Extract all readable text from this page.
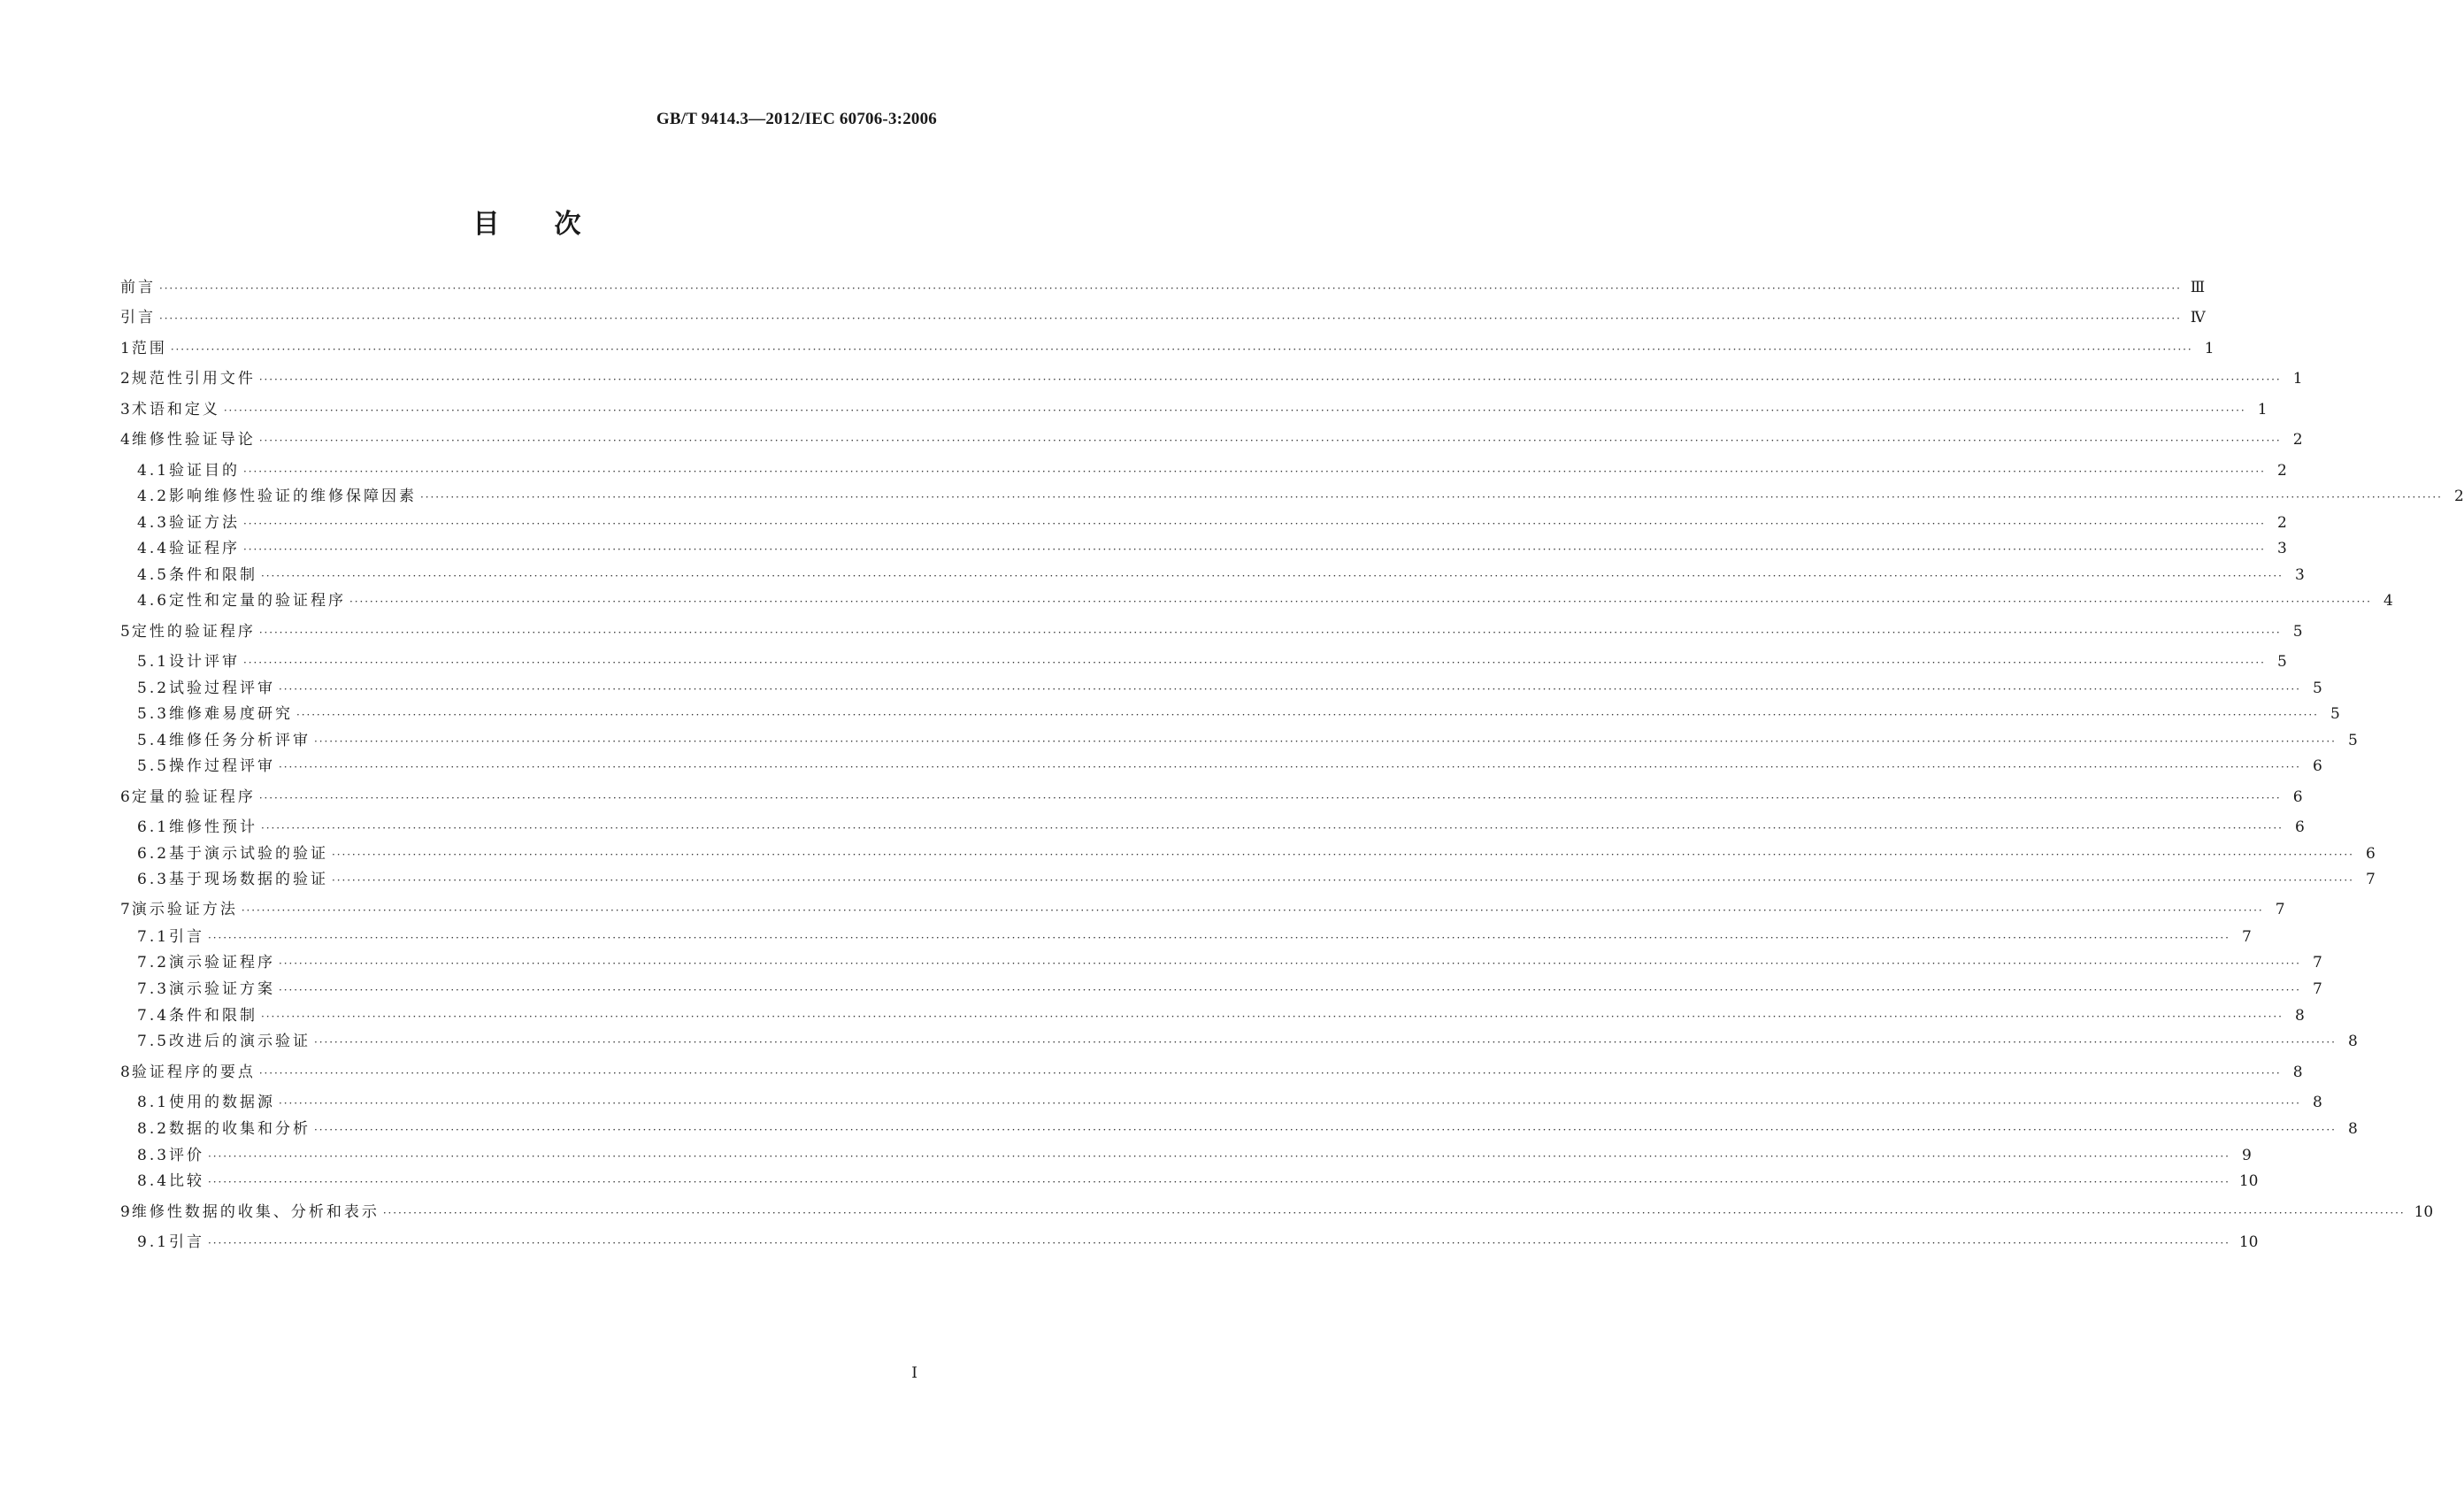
GB/T 9414.3—2012/IEC 60706-3:2006
目次
前言 ················································································································································································································································································································································································································ Ⅲ
引言 ················································································································································································································································································································································································································ Ⅳ
1 范围 ················································································································································································································································································································································································································ 1
2 规范性引用文件 ················································································································································································································································································································································································································ 1
3 术语和定义 ················································································································································································································································································································································································································ 1
4 维修性验证导论 ················································································································································································································································································································································································································ 2
4.1 验证目的 ················································································································································································································································································································································································································ 2
4.2 影响维修性验证的维修保障因素 ················································································································································································································································································································································································································ 2
4.3 验证方法 ················································································································································································································································································································································································································ 2
4.4 验证程序 ················································································································································································································································································································································································································ 3
4.5 条件和限制 ················································································································································································································································································································································································································ 3
4.6 定性和定量的验证程序 ················································································································································································································································································································································································································ 4
5 定性的验证程序 ················································································································································································································································································································································································································ 5
5.1 设计评审 ················································································································································································································································································································································································································ 5
5.2 试验过程评审 ················································································································································································································································································································································································································ 5
5.3 维修难易度研究 ················································································································································································································································································································································································································ 5
5.4 维修任务分析评审 ················································································································································································································································································································································································································ 5
5.5 操作过程评审 ················································································································································································································································································································································································································ 6
6 定量的验证程序 ················································································································································································································································································································································································································ 6
6.1 维修性预计 ················································································································································································································································································································································································································ 6
6.2 基于演示试验的验证 ················································································································································································································································································································································································································ 6
6.3 基于现场数据的验证 ················································································································································································································································································································································································································ 7
7 演示验证方法 ················································································································································································································································································································································································································ 7
7.1 引言 ················································································································································································································································································································································································································ 7
7.2 演示验证程序 ················································································································································································································································································································································································································ 7
7.3 演示验证方案 ················································································································································································································································································································································································································ 7
7.4 条件和限制 ················································································································································································································································································································································································································ 8
7.5 改进后的演示验证 ················································································································································································································································································································································································································ 8
8 验证程序的要点 ················································································································································································································································································································································································································ 8
8.1 使用的数据源 ················································································································································································································································································································································································································ 8
8.2 数据的收集和分析 ················································································································································································································································································································································································································ 8
8.3 评价 ················································································································································································································································································································································································································ 9
8.4 比较 ················································································································································································································································································································································································································ 10
9 维修性数据的收集、分析和表示 ················································································································································································································································································································································································································ 10
9.1 引言 ················································································································································································································································································································································································································ 10
I
